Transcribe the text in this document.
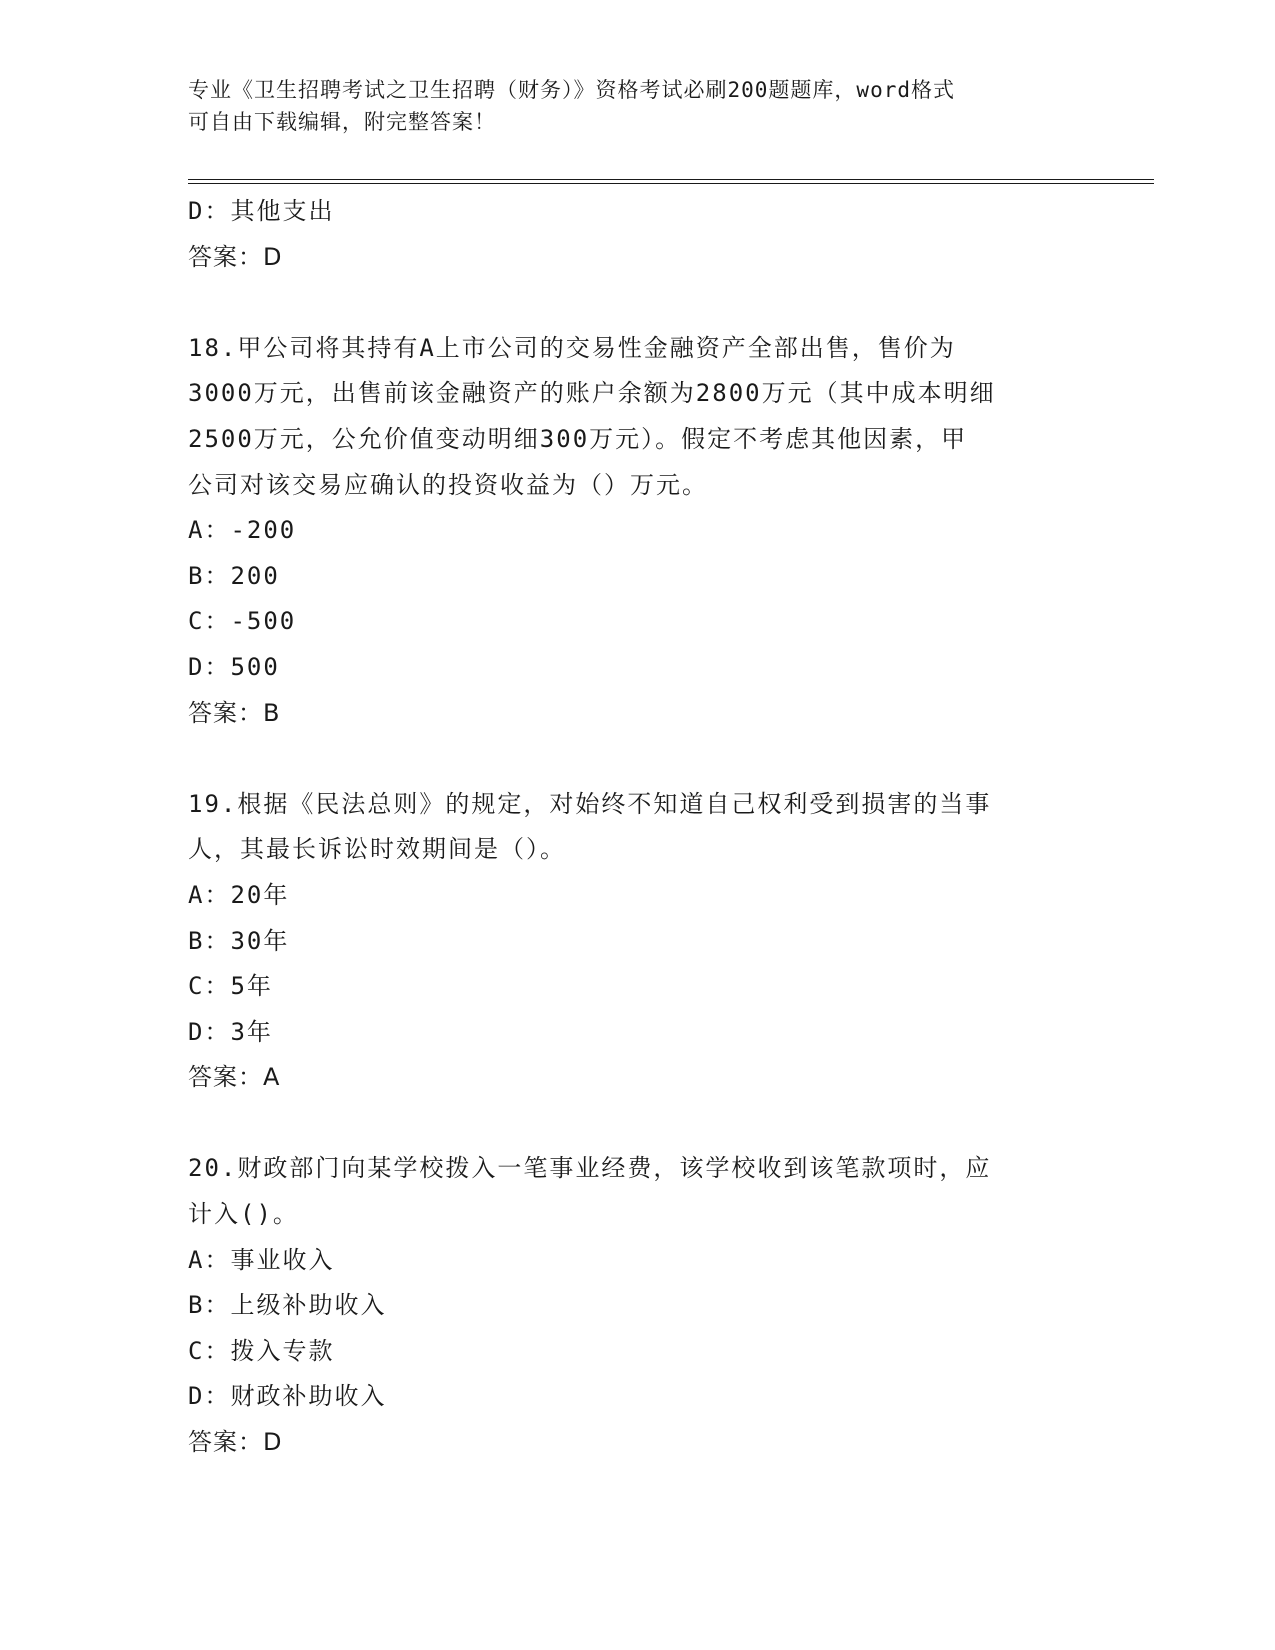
专业《卫生招聘考试之卫生招聘（财务）》资格考试必刷200题题库，word格式
可自由下载编辑，附完整答案！
D：其他支出
答案：D
18.甲公司将其持有A上市公司的交易性金融资产全部出售，售价为
3000万元，出售前该金融资产的账户余额为2800万元（其中成本明细
2500万元，公允价值变动明细300万元）。假定不考虑其他因素，甲
公司对该交易应确认的投资收益为（）万元。
A：-200
B：200
C：-500
D：500
答案：B
19.根据《民法总则》的规定，对始终不知道自己权利受到损害的当事
人，其最长诉讼时效期间是（）。
A：20年
B：30年
C：5年
D：3年
答案：A
20.财政部门向某学校拨入一笔事业经费，该学校收到该笔款项时，应
计入()。
A：事业收入
B：上级补助收入
C：拨入专款
D：财政补助收入
答案：D
